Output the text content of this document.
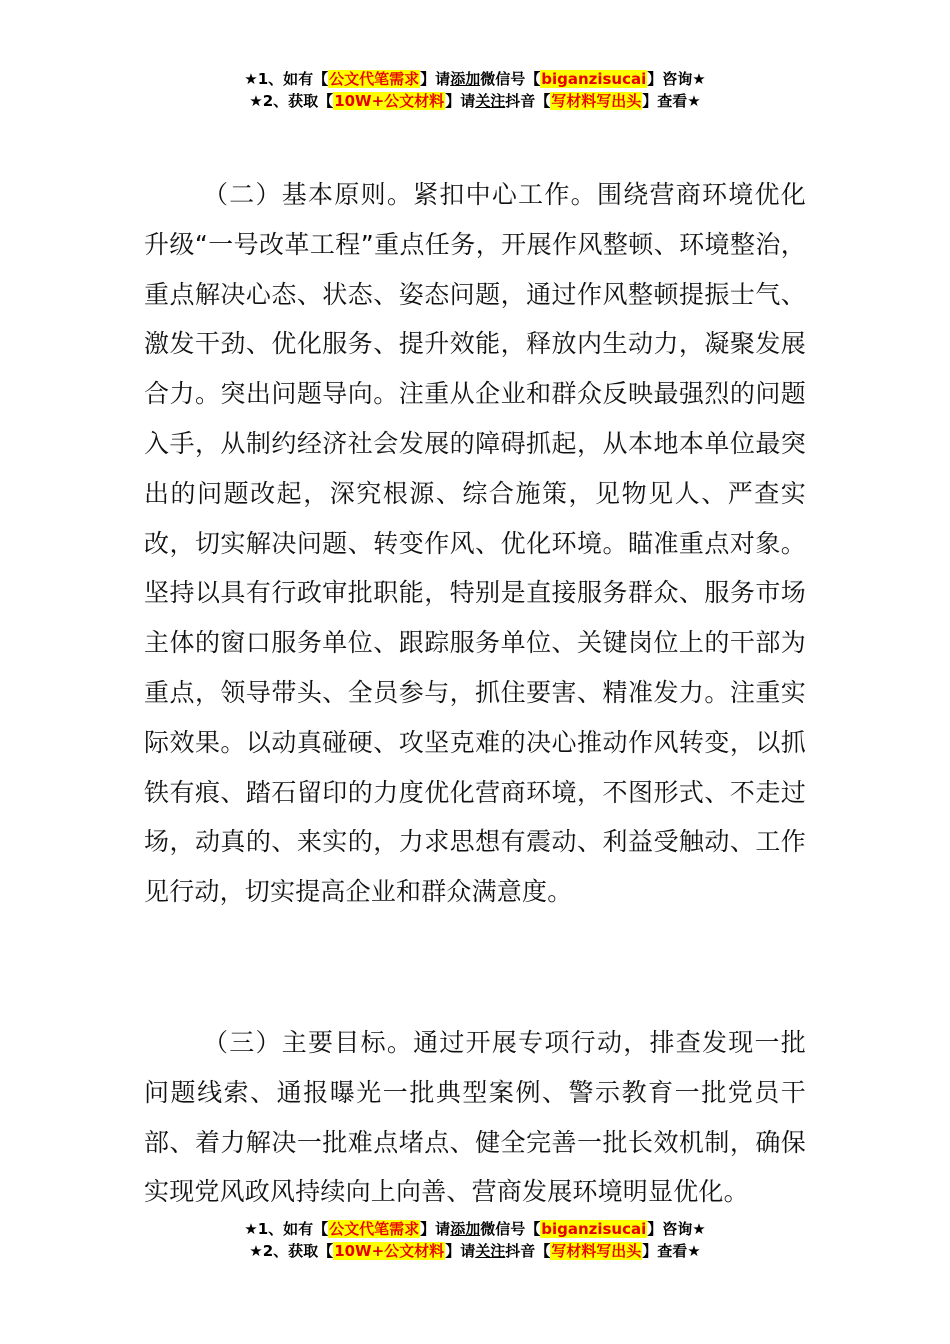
★1、如有【公文代笔需求】请添加微信号【biganzisucai】咨询★
★2、获取【10W+公文材料】请关注抖音【写材料写出头】查看★

（二）基本原则。紧扣中心工作。围绕营商环境优化升级“一号改革工程”重点任务，开展作风整顿、环境整治，重点解决心态、状态、姿态问题，通过作风整顿提振士气、激发干劲、优化服务、提升效能，释放内生动力，凝聚发展合力。突出问题导向。注重从企业和群众反映最强烈的问题入手，从制约经济社会发展的障碍抓起，从本地本单位最突出的问题改起，深究根源、综合施策，见物见人、严查实改，切实解决问题、转变作风、优化环境。瞄准重点对象。坚持以具有行政审批职能，特别是直接服务群众、服务市场主体的窗口服务单位、跟踪服务单位、关键岗位上的干部为重点，领导带头、全员参与，抓住要害、精准发力。注重实际效果。以动真碰硬、攻坚克难的决心推动作风转变，以抓铁有痕、踏石留印的力度优化营商环境，不图形式、不走过场，动真的、来实的，力求思想有震动、利益受触动、工作见行动，切实提高企业和群众满意度。

（三）主要目标。通过开展专项行动，排查发现一批问题线索、通报曝光一批典型案例、警示教育一批党员干部、着力解决一批难点堵点、健全完善一批长效机制，确保实现党风政风持续向上向善、营商发展环境明显优化。

★1、如有【公文代笔需求】请添加微信号【biganzisucai】咨询★
★2、获取【10W+公文材料】请关注抖音【写材料写出头】查看★
